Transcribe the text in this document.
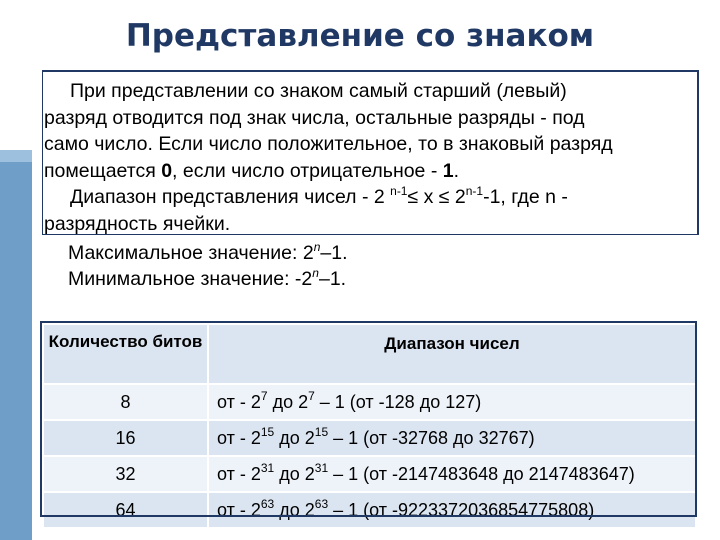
Представление со знаком
При представлении со знаком самый старший (левый)
разряд отводится под знак числа, остальные разряды - под
само число. Если число положительное, то в знаковый разряд
помещается 0, если число отрицательное - 1.
Диапазон представления чисел - 2 $^{n-1}\le x \le 2^{n-1}-1$, где n -
разрядность ячейки.
Максимальное значение: 2$^n$–1.
Минимальное значение: -2$^n$–1.
Количество битов	Диапазон чисел
8	от - $2^7$ до $2^7 - 1$ (от -128 до 127)
16	от - $2^{15}$ до $2^{15} - 1$ (от -32768 до 32767)
32	от - $2^{31}$ до $2^{31} - 1$ (от -2147483648 до 2147483647)
64	от - $2^{63}$ до $2^{63} - 1$ (от -9223372036854775808)
